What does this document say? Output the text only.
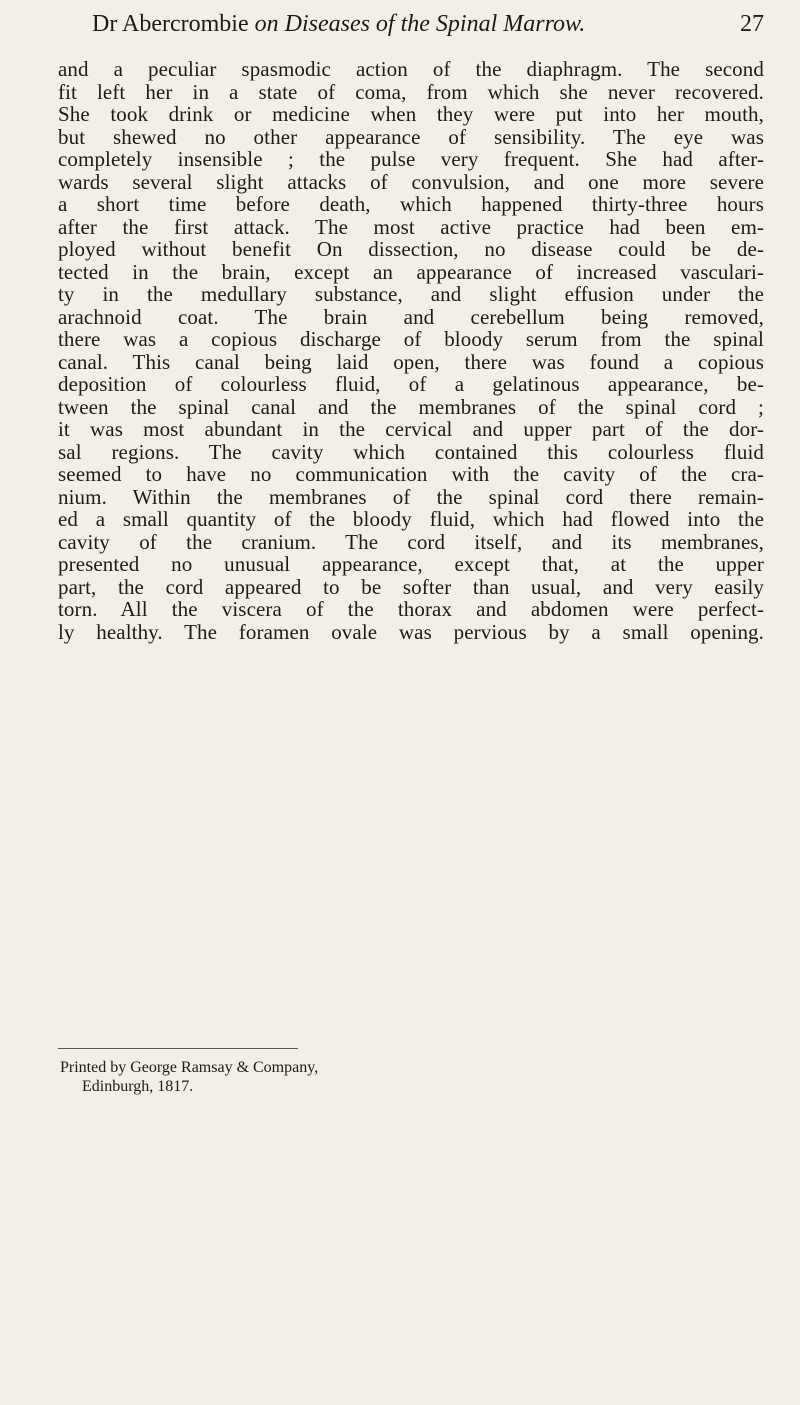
Dr Abercrombie on Diseases of the Spinal Marrow.	27
and a peculiar spasmodic action of the diaphragm. The second
fit left her in a state of coma, from which she never recovered.
She took drink or medicine when they were put into her mouth,
but shewed no other appearance of sensibility. The eye was
completely insensible ; the pulse very frequent. She had after-
wards several slight attacks of convulsion, and one more severe
a short time before death, which happened thirty-three hours
after the first attack. The most active practice had been em-
ployed without benefit On dissection, no disease could be de-
tected in the brain, except an appearance of increased vasculari-
ty in the medullary substance, and slight effusion under the
arachnoid coat. The brain and cerebellum being removed,
there was a copious discharge of bloody serum from the spinal
canal. This canal being laid open, there was found a copious
deposition of colourless fluid, of a gelatinous appearance, be-
tween the spinal canal and the membranes of the spinal cord ;
it was most abundant in the cervical and upper part of the dor-
sal regions. The cavity which contained this colourless fluid
seemed to have no communication with the cavity of the cra-
nium. Within the membranes of the spinal cord there remain-
ed a small quantity of the bloody fluid, which had flowed into the
cavity of the cranium. The cord itself, and its membranes,
presented no unusual appearance, except that, at the upper
part, the cord appeared to be softer than usual, and very easily
torn. All the viscera of the thorax and abdomen were perfect-
ly healthy. The foramen ovale was pervious by a small opening.
Printed by George Ramsay & Company,
Edinburgh, 1817.
